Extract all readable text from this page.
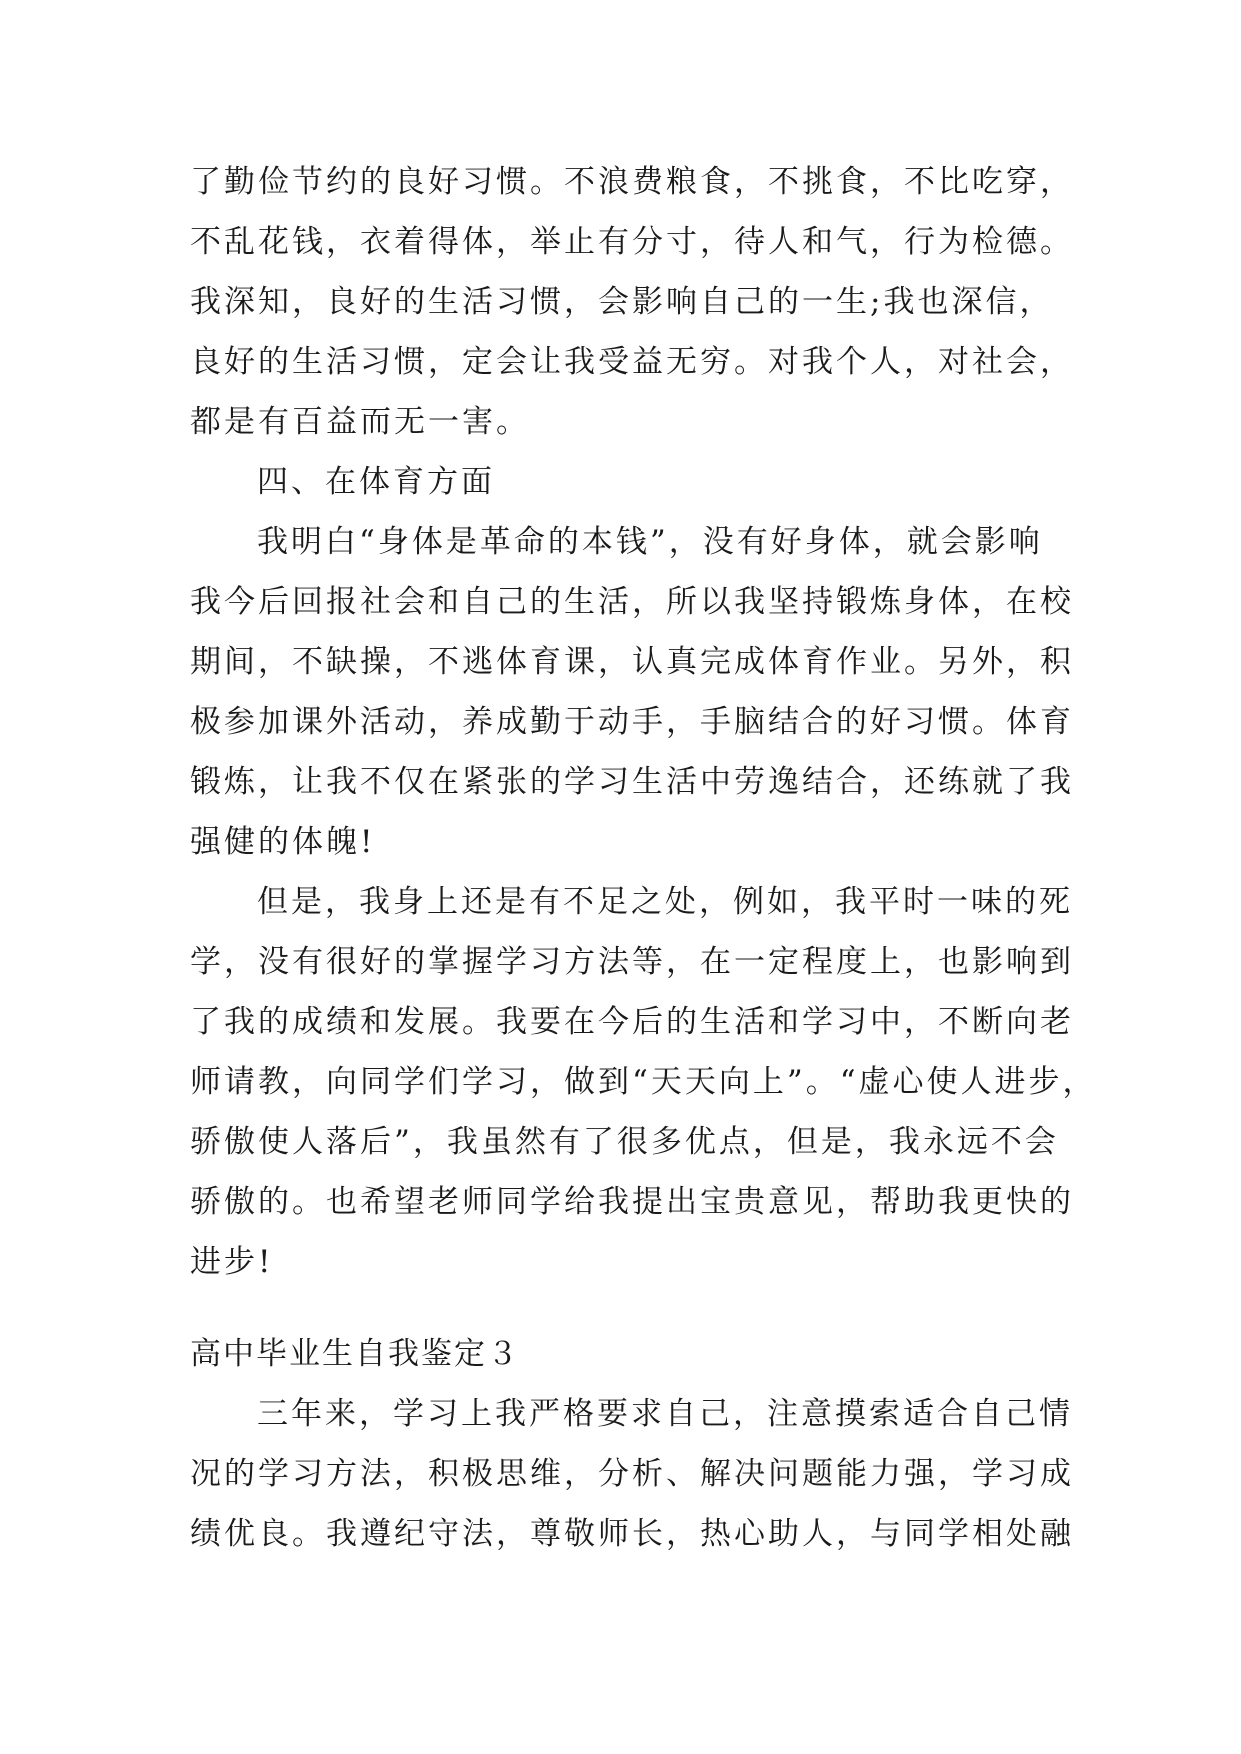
了勤俭节约的良好习惯。不浪费粮食，不挑食，不比吃穿，
不乱花钱，衣着得体，举止有分寸，待人和气，行为检德。
我深知，良好的生活习惯，会影响自己的一生;我也深信，
良好的生活习惯，定会让我受益无穷。对我个人，对社会，
都是有百益而无一害。
四、在体育方面
我明白“身体是革命的本钱”，没有好身体，就会影响
我今后回报社会和自己的生活，所以我坚持锻炼身体，在校
期间，不缺操，不逃体育课，认真完成体育作业。另外，积
极参加课外活动，养成勤于动手，手脑结合的好习惯。体育
锻炼，让我不仅在紧张的学习生活中劳逸结合，还练就了我
强健的体魄!
但是，我身上还是有不足之处，例如，我平时一味的死
学，没有很好的掌握学习方法等，在一定程度上，也影响到
了我的成绩和发展。我要在今后的生活和学习中，不断向老
师请教，向同学们学习，做到“天天向上”。“虚心使人进步，
骄傲使人落后”，我虽然有了很多优点，但是，我永远不会
骄傲的。也希望老师同学给我提出宝贵意见，帮助我更快的
进步!
高中毕业生自我鉴定３
三年来，学习上我严格要求自己，注意摸索适合自己情
况的学习方法，积极思维，分析、解决问题能力强，学习成
绩优良。我遵纪守法，尊敬师长，热心助人，与同学相处融
